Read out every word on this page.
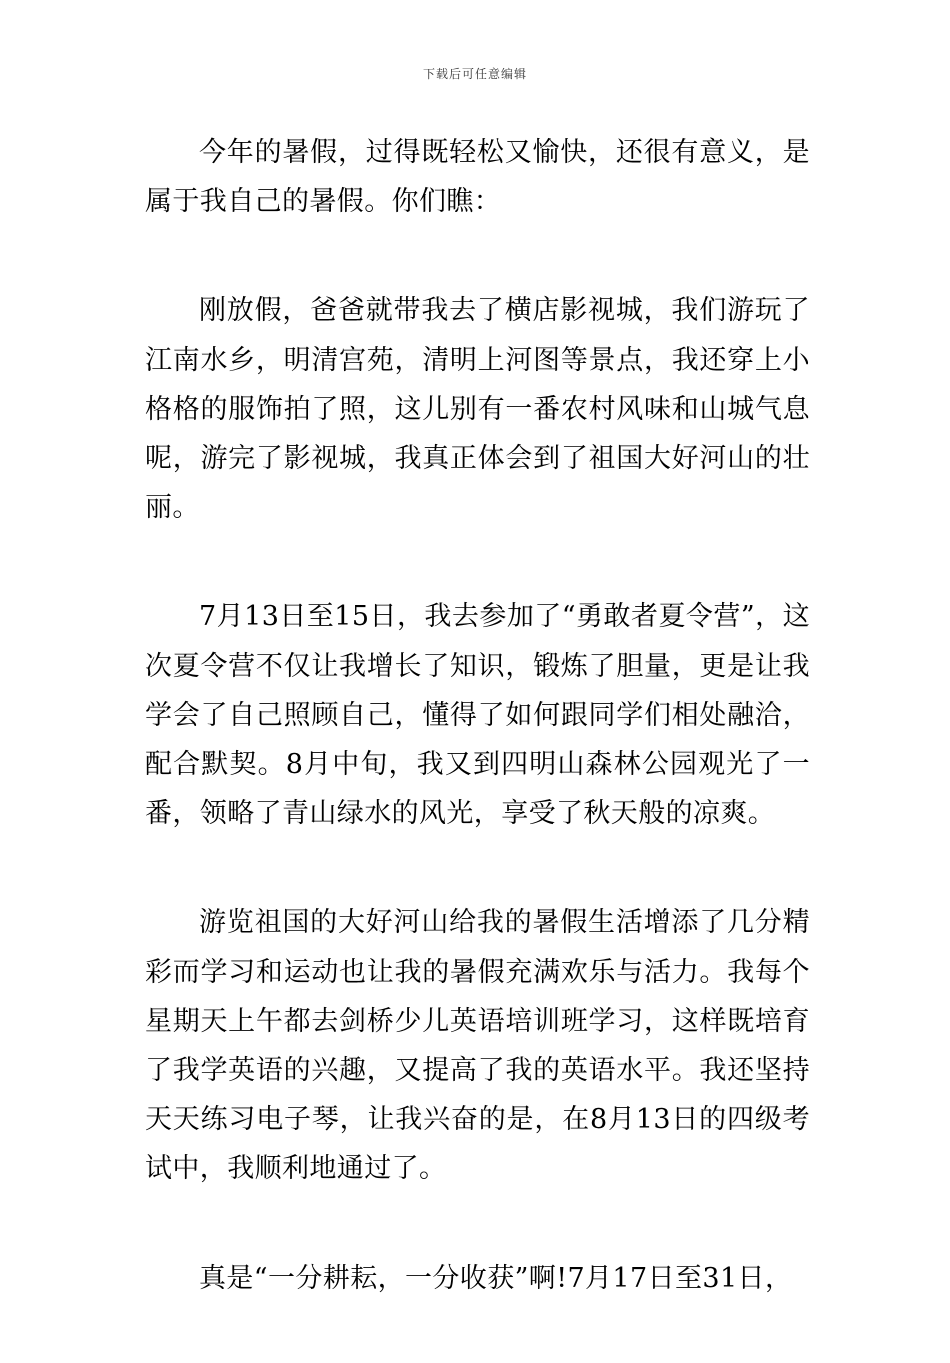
下载后可任意编辑

今年的暑假，过得既轻松又愉快，还很有意义，是属于我自己的暑假。你们瞧：

刚放假，爸爸就带我去了横店影视城，我们游玩了江南水乡，明清宫苑，清明上河图等景点，我还穿上小格格的服饰拍了照，这儿别有一番农村风味和山城气息呢，游完了影视城，我真正体会到了祖国大好河山的壮丽。

7月13日至15日，我去参加了“勇敢者夏令营”，这次夏令营不仅让我增长了知识，锻炼了胆量，更是让我学会了自己照顾自己，懂得了如何跟同学们相处融洽，配合默契。8月中旬，我又到四明山森林公园观光了一番，领略了青山绿水的风光，享受了秋天般的凉爽。

游览祖国的大好河山给我的暑假生活增添了几分精彩而学习和运动也让我的暑假充满欢乐与活力。我每个星期天上午都去剑桥少儿英语培训班学习，这样既培育了我学英语的兴趣，又提高了我的英语水平。我还坚持天天练习电子琴，让我兴奋的是，在8月13日的四级考试中，我顺利地通过了。

真是“一分耕耘，一分收获”啊!7月17日至31日，
